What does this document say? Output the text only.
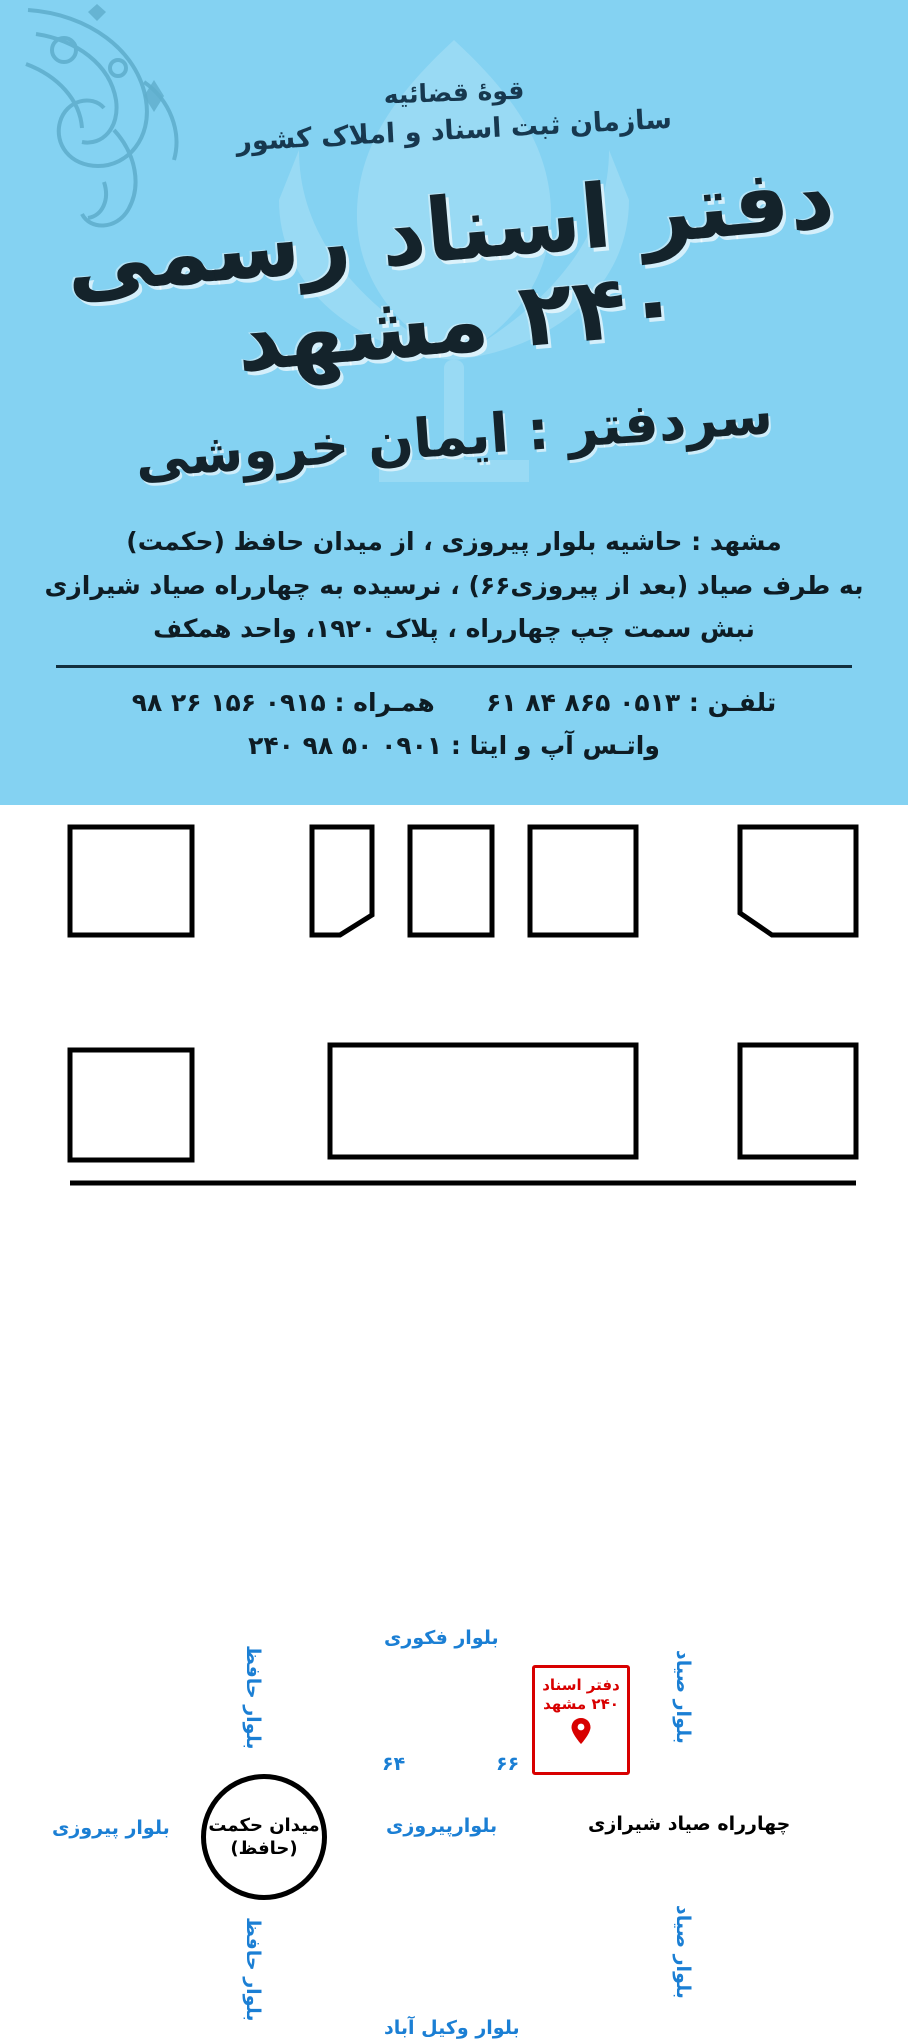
قوهٔ قضائیه
سازمان ثبت اسناد و املاک کشور
دفتر اسناد رسمی ۲۴۰ مشهد
سردفتر : ایمان خروشی
مشهد : حاشیه بلوار پیروزی ، از میدان حافظ (حکمت)
به طرف صیاد (بعد از پیروزی۶۶) ، نرسیده به چهارراه صیاد شیرازی
نبش سمت چپ چهارراه ، پلاک ۱۹۲۰، واحد همکف
تلفـن : ۰۵۱۳ ۸۶۵ ۸۴ ۶۱  همـراه : ۰۹۱۵ ۱۵۶ ۲۶ ۹۸
واتـس آپ و ایتا : ۰۹۰۱ ۵۰ ۹۸ ۲۴۰
بلوار فکوری
بلوار حافظ
بلوار حافظ
بلوار صیاد
بلوار صیاد
بلوار پیروزی	بلوارپیروزی	چهارراه صیاد شیرازی
بلوار وکیل آباد
۶۴	۶۶
دفتر اسناد
۲۴۰ مشهد
میدان حکمت (حافظ)
